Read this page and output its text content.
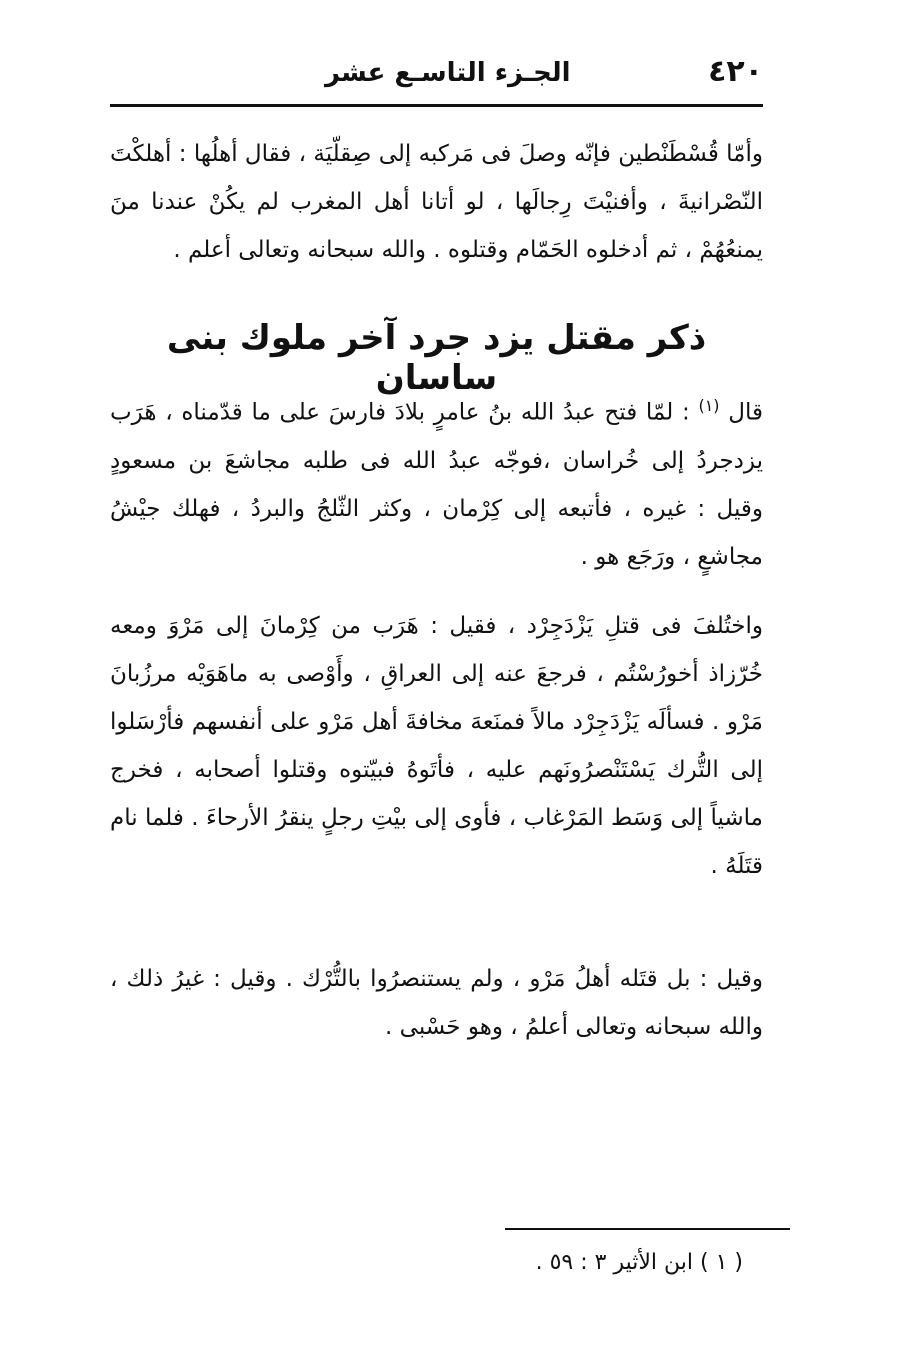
٤٢٠
الجـزء التاسـع عشر

وأمّا قُسْطَنْطين فإنّه وصلَ فى مَركبه إلى صِقلّيَة ، فقال أهلُها : أهلكْتَ النّصْرانيةَ ، وأفنيْتَ رِجالَها ، لو أتانا أهل المغرب لم يكُنْ عندنا منَ يمنعُهُمْ ، ثم أدخلوه الحَمّام وقتلوه . والله سبحانه وتعالى أعلم .

ذكر مقتل يزد جرد آخر ملوك بنى ساسان

قال $^{(١)}$ : لمّا فتح عبدُ الله بنُ عامرٍ بلادَ فارسَ على ما قدّمناه ، هَرَب يزدجردُ إلى خُراسان ،فوجّه عبدُ الله فى طلبه مجاشعَ بن مسعودٍ وقيل : غيره ، فأتبعه إلى كِرْمان ، وكثر الثّلجُ والبردُ ، فهلك جيْشُ مجاشعٍ ، ورَجَع هو .

واختُلفَ فى قتلِ يَزْدَجِرْد ، فقيل : هَرَب من كِرْمانَ إلى مَرْوَ ومعه خُرّزاذ أخورُسْتُم ، فرجعَ عنه إلى العراقِ ، وأَوْصى به ماهَوَيْه مرزُبانَ مَرْو . فسألَه يَزْدَجِرْد مالاً فمنَعهَ مخافةَ أهل مَرْو على أنفسهم فأرْسَلوا إلى التُّرك يَسْتَنْصرُونَهم عليه ، فأتَوهُ فبيّتوه وقتلوا أصحابه ، فخرج ماشياً إلى وَسَط المَرْغاب ، فأوى إلى بيْتِ رجلٍ ينقرُ الأرحاءَ . فلما نام قتَلَهُ .

وقيل : بل قتَله أهلُ مَرْو ، ولم يستنصرُوا بالتُّرْك . وقيل : غيرُ ذلك ، والله سبحانه وتعالى أعلمُ ، وهو حَسْبى .

( ١ ) ابن الأثير ٣ : ٥٩ .
